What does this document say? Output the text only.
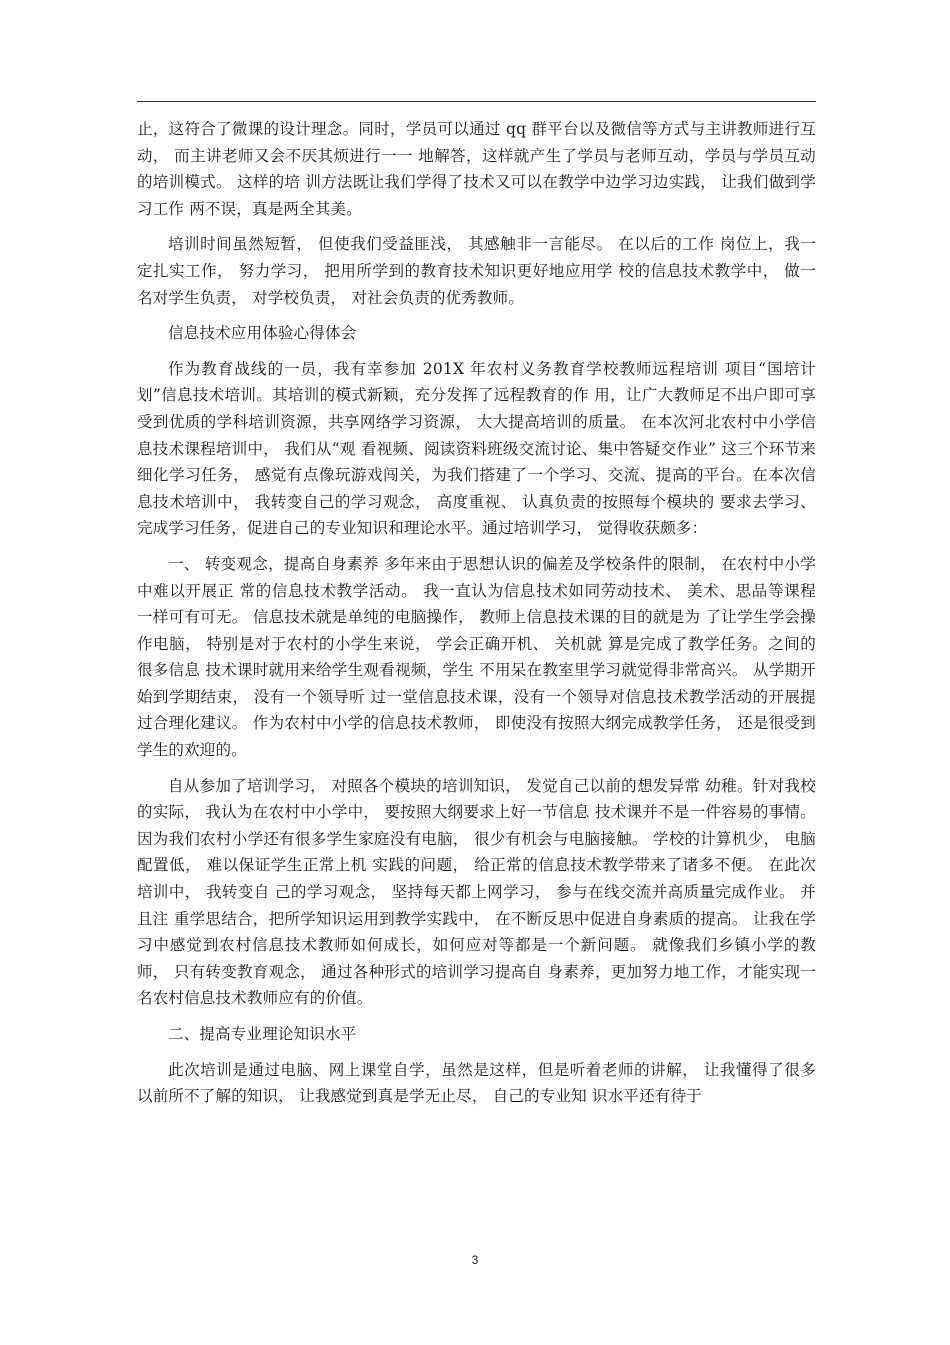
止，这符合了微课的设计理念。同时，学员可以通过 qq 群平台以及微信等方式与主讲教师进行互动， 而主讲老师又会不厌其烦进行一一 地解答，这样就产生了学员与老师互动，学员与学员互动的培训模式。 这样的培 训方法既让我们学得了技术又可以在教学中边学习边实践， 让我们做到学习工作 两不误，真是两全其美。

培训时间虽然短暂， 但使我们受益匪浅， 其感触非一言能尽。 在以后的工作 岗位上，我一定扎实工作， 努力学习， 把用所学到的教育技术知识更好地应用学 校的信息技术教学中， 做一名对学生负责， 对学校负责， 对社会负责的优秀教师。

信息技术应用体验心得体会

作为教育战线的一员，我有幸参加 201X 年农村义务教育学校教师远程培训 项目“国培计划”信息技术培训。其培训的模式新颖，充分发挥了远程教育的作 用，让广大教师足不出户即可享受到优质的学科培训资源，共享网络学习资源， 大大提高培训的质量。 在本次河北农村中小学信息技术课程培训中， 我们从“观 看视频、阅读资料班级交流讨论、集中答疑交作业” 这三个环节来细化学习任务， 感觉有点像玩游戏闯关，为我们搭建了一个学习、交流、提高的平台。在本次信 息技术培训中， 我转变自己的学习观念， 高度重视、 认真负责的按照每个模块的 要求去学习、完成学习任务，促进自己的专业知识和理论水平。通过培训学习， 觉得收获颇多：

一、 转变观念，提高自身素养 多年来由于思想认识的偏差及学校条件的限制， 在农村中小学中难以开展正 常的信息技术教学活动。 我一直认为信息技术如同劳动技术、 美术、思品等课程 一样可有可无。 信息技术就是单纯的电脑操作， 教师上信息技术课的目的就是为 了让学生学会操作电脑， 特别是对于农村的小学生来说， 学会正确开机、 关机就 算是完成了教学任务。之间的很多信息 技术课时就用来给学生观看视频，学生 不用呆在教室里学习就觉得非常高兴。 从学期开始到学期结束， 没有一个领导听 过一堂信息技术课，没有一个领导对信息技术教学活动的开展提过合理化建议。 作为农村中小学的信息技术教师， 即使没有按照大纲完成教学任务， 还是很受到 学生的欢迎的。

自从参加了培训学习， 对照各个模块的培训知识， 发觉自己以前的想发异常 幼稚。针对我校的实际， 我认为在农村中小学中， 要按照大纲要求上好一节信息 技术课并不是一件容易的事情。因为我们农村小学还有很多学生家庭没有电脑， 很少有机会与电脑接触。 学校的计算机少， 电脑配置低， 难以保证学生正常上机 实践的问题， 给正常的信息技术教学带来了诸多不便。 在此次培训中， 我转变自 己的学习观念， 坚持每天都上网学习， 参与在线交流并高质量完成作业。 并且注 重学思结合，把所学知识运用到教学实践中， 在不断反思中促进自身素质的提高。 让我在学习中感觉到农村信息技术教师如何成长，如何应对等都是一个新问题。 就像我们乡镇小学的教师， 只有转变教育观念， 通过各种形式的培训学习提高自 身素养，更加努力地工作，才能实现一名农村信息技术教师应有的价值。

二、提高专业理论知识水平

此次培训是通过电脑、网上课堂自学，虽然是这样，但是听着老师的讲解， 让我懂得了很多以前所不了解的知识， 让我感觉到真是学无止尽， 自己的专业知 识水平还有待于

3
